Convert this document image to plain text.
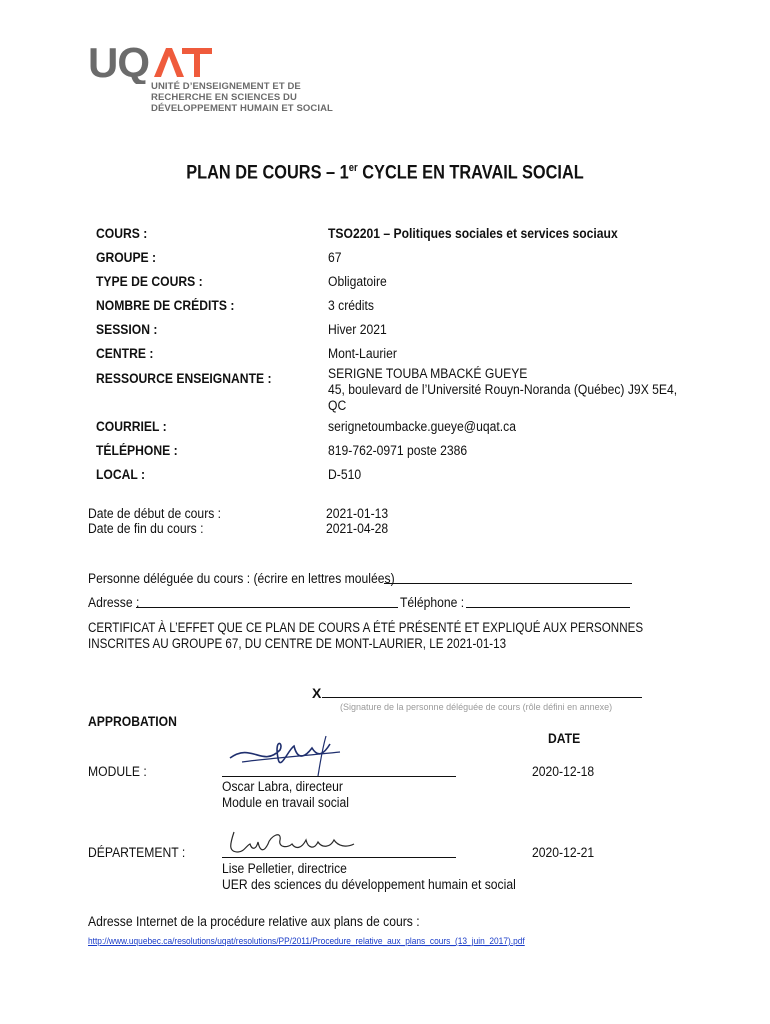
UQ
UNITÉ D’ENSEIGNEMENT ET DE
RECHERCHE EN SCIENCES DU
DÉVELOPPEMENT HUMAIN ET SOCIAL
PLAN DE COURS – 1er CYCLE EN TRAVAIL SOCIAL
COURS :	TSO2201 – Politiques sociales et services sociaux
GROUPE :	67
TYPE DE COURS :	Obligatoire
NOMBRE DE CRÉDITS :	3 crédits
SESSION :	Hiver 2021
CENTRE :	Mont-Laurier
RESSOURCE ENSEIGNANTE :	SERIGNE TOUBA MBACKÉ GUEYE
45, boulevard de l’Université Rouyn-Noranda (Québec) J9X 5E4,
QC
COURRIEL :	serignetoumbacke.gueye@uqat.ca
TÉLÉPHONE :	819-762-0971 poste 2386
LOCAL :	D-510
Date de début de cours :	2021-01-13
Date de fin du cours :	2021-04-28
Personne déléguée du cours : (écrire en lettres moulées)
Adresse :	Téléphone :
CERTIFICAT À L’EFFET QUE CE PLAN DE COURS A ÉTÉ PRÉSENTÉ ET EXPLIQUÉ AUX PERSONNES
INSCRITES AU GROUPE 67, DU CENTRE DE MONT-LAURIER, LE 2021-01-13
X
(Signature de la personne déléguée de cours (rôle défini en annexe)
APPROBATION
DATE
MODULE :	2020-12-18
Oscar Labra, directeur
Module en travail social
DÉPARTEMENT :	2020-12-21
Lise Pelletier, directrice
UER des sciences du développement humain et social
Adresse Internet de la procédure relative aux plans de cours :
http://www.uquebec.ca/resolutions/uqat/resolutions/PP/2011/Procedure_relative_aux_plans_cours_(13_juin_2017).pdf
